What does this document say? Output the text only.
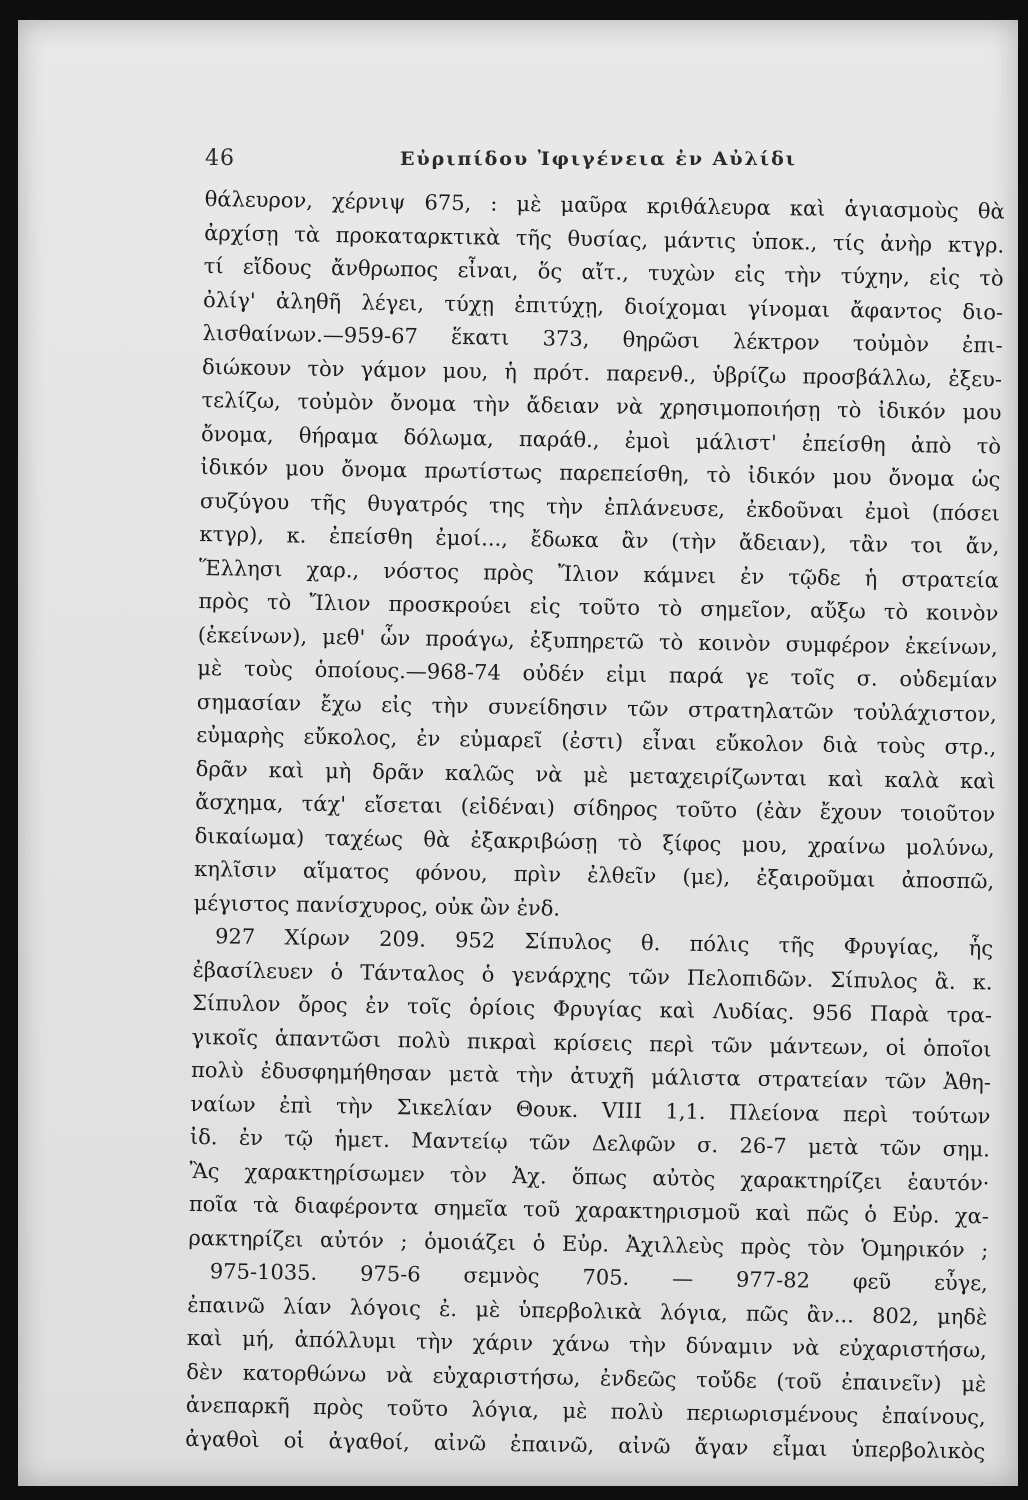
46	Εὐριπίδου Ἰφιγένεια ἐν Αὐλίδι
θάλευρον, χέρνιψ 675, : μὲ μαῦρα κριθάλευρα καὶ ἁγιασμοὺς θὰ
ἀρχίσῃ τὰ προκαταρκτικὰ τῆς θυσίας, μάντις ὑποκ., τίς ἀνὴρ κτγρ.
τί εἴδους ἄνθρωπος εἶναι, ὅς αἴτ., τυχὼν εἰς τὴν τύχην, εἰς τὸ
ὀλίγ' ἀληθῆ λέγει, τύχῃ ἐπιτύχῃ, διοίχομαι γίνομαι ἄφαντος διο-
λισθαίνων.—959-67 ἕκατι 373, θηρῶσι λέκτρον τοὐμὸν ἐπι-
διώκουν τὸν γάμον μου, ἡ πρότ. παρενθ., ὑβρίζω προσβάλλω, ἐξευ-
τελίζω, τοὐμὸν ὄνομα τὴν ἄδειαν νὰ χρησιμοποιήσῃ τὸ ἰδικόν μου
ὄνομα, θήραμα δόλωμα, παράθ., ἐμοὶ μάλιστ' ἐπείσθη ἀπὸ τὸ
ἰδικόν μου ὄνομα πρωτίστως παρεπείσθη, τὸ ἰδικόν μου ὄνομα ὡς
συζύγου τῆς θυγατρός της τὴν ἐπλάνευσε, ἐκδοῦναι ἐμοὶ (πόσει
κτγρ), κ. ἐπείσθη ἐμοί..., ἔδωκα ἂν (τὴν ἄδειαν), τἂν τοι ἄν,
Ἕλλησι χαρ., νόστος πρὸς Ἴλιον κάμνει ἐν τῷδε ἡ στρατεία
πρὸς τὸ Ἴλιον προσκρούει εἰς τοῦτο τὸ σημεῖον, αὔξω τὸ κοινὸν
(ἐκείνων), μεθ' ὧν προάγω, ἐξυπηρετῶ τὸ κοινὸν συμφέρον ἐκείνων,
μὲ τοὺς ὁποίους.—968-74 οὐδέν εἰμι παρά γε τοῖς σ. οὐδεμίαν
σημασίαν ἔχω εἰς τὴν συνείδησιν τῶν στρατηλατῶν τοὐλάχιστον,
εὐμαρὴς εὔκολος, ἐν εὐμαρεῖ (ἐστι) εἶναι εὔκολον διὰ τοὺς στρ.,
δρᾶν καὶ μὴ δρᾶν καλῶς νὰ μὲ μεταχειρίζωνται καὶ καλὰ καὶ
ἄσχημα, τάχ' εἴσεται (εἰδέναι) σίδηρος τοῦτο (ἐὰν ἔχουν τοιοῦτον
δικαίωμα) ταχέως θὰ ἐξακριβώσῃ τὸ ξίφος μου, χραίνω μολύνω,
κηλῖσιν αἵματος φόνου, πρὶν ἐλθεῖν (με), ἐξαιροῦμαι ἀποσπῶ,
μέγιστος πανίσχυρος, οὐκ ὢν ἐνδ.
927 Χίρων 209. 952 Σίπυλος θ. πόλις τῆς Φρυγίας, ἧς
ἐβασίλευεν ὁ Τάνταλος ὁ γενάρχης τῶν Πελοπιδῶν. Σίπυλος ἂ. κ.
Σίπυλον ὄρος ἐν τοῖς ὁρίοις Φρυγίας καὶ Λυδίας. 956 Παρὰ τρα-
γικοῖς ἁπαντῶσι πολὺ πικραὶ κρίσεις περὶ τῶν μάντεων, οἱ ὁποῖοι
πολὺ ἐδυσφημήθησαν μετὰ τὴν ἀτυχῆ μάλιστα στρατείαν τῶν Ἀθη-
ναίων ἐπὶ τὴν Σικελίαν Θουκ. VIII 1,1. Πλείονα περὶ τούτων
ἰδ. ἐν τῷ ἡμετ. Μαντείῳ τῶν Δελφῶν σ. 26-7 μετὰ τῶν σημ.
Ἂς χαρακτηρίσωμεν τὸν Ἀχ. ὅπως αὐτὸς χαρακτηρίζει ἑαυτόν·
ποῖα τὰ διαφέροντα σημεῖα τοῦ χαρακτηρισμοῦ καὶ πῶς ὁ Εὐρ. χα-
ρακτηρίζει αὐτόν ; ὁμοιάζει ὁ Εὐρ. Ἀχιλλεὺς πρὸς τὸν Ὁμηρικόν ;
975-1035. 975-6 σεμνὸς 705. — 977-82 φεῦ εὖγε,
ἐπαινῶ λίαν λόγοις ἐ. μὲ ὑπερβολικὰ λόγια, πῶς ἂν... 802, μηδὲ
καὶ μή, ἀπόλλυμι τὴν χάριν χάνω τὴν δύναμιν νὰ εὐχαριστήσω,
δὲν κατορθώνω νὰ εὐχαριστήσω, ἐνδεῶς τοὔδε (τοῦ ἐπαινεῖν) μὲ
ἀνεπαρκῆ πρὸς τοῦτο λόγια, μὲ πολὺ περιωρισμένους ἐπαίνους,
ἀγαθοὶ οἱ ἀγαθοί, αἰνῶ ἐπαινῶ, αἰνῶ ἄγαν εἶμαι ὑπερβολικὸς
